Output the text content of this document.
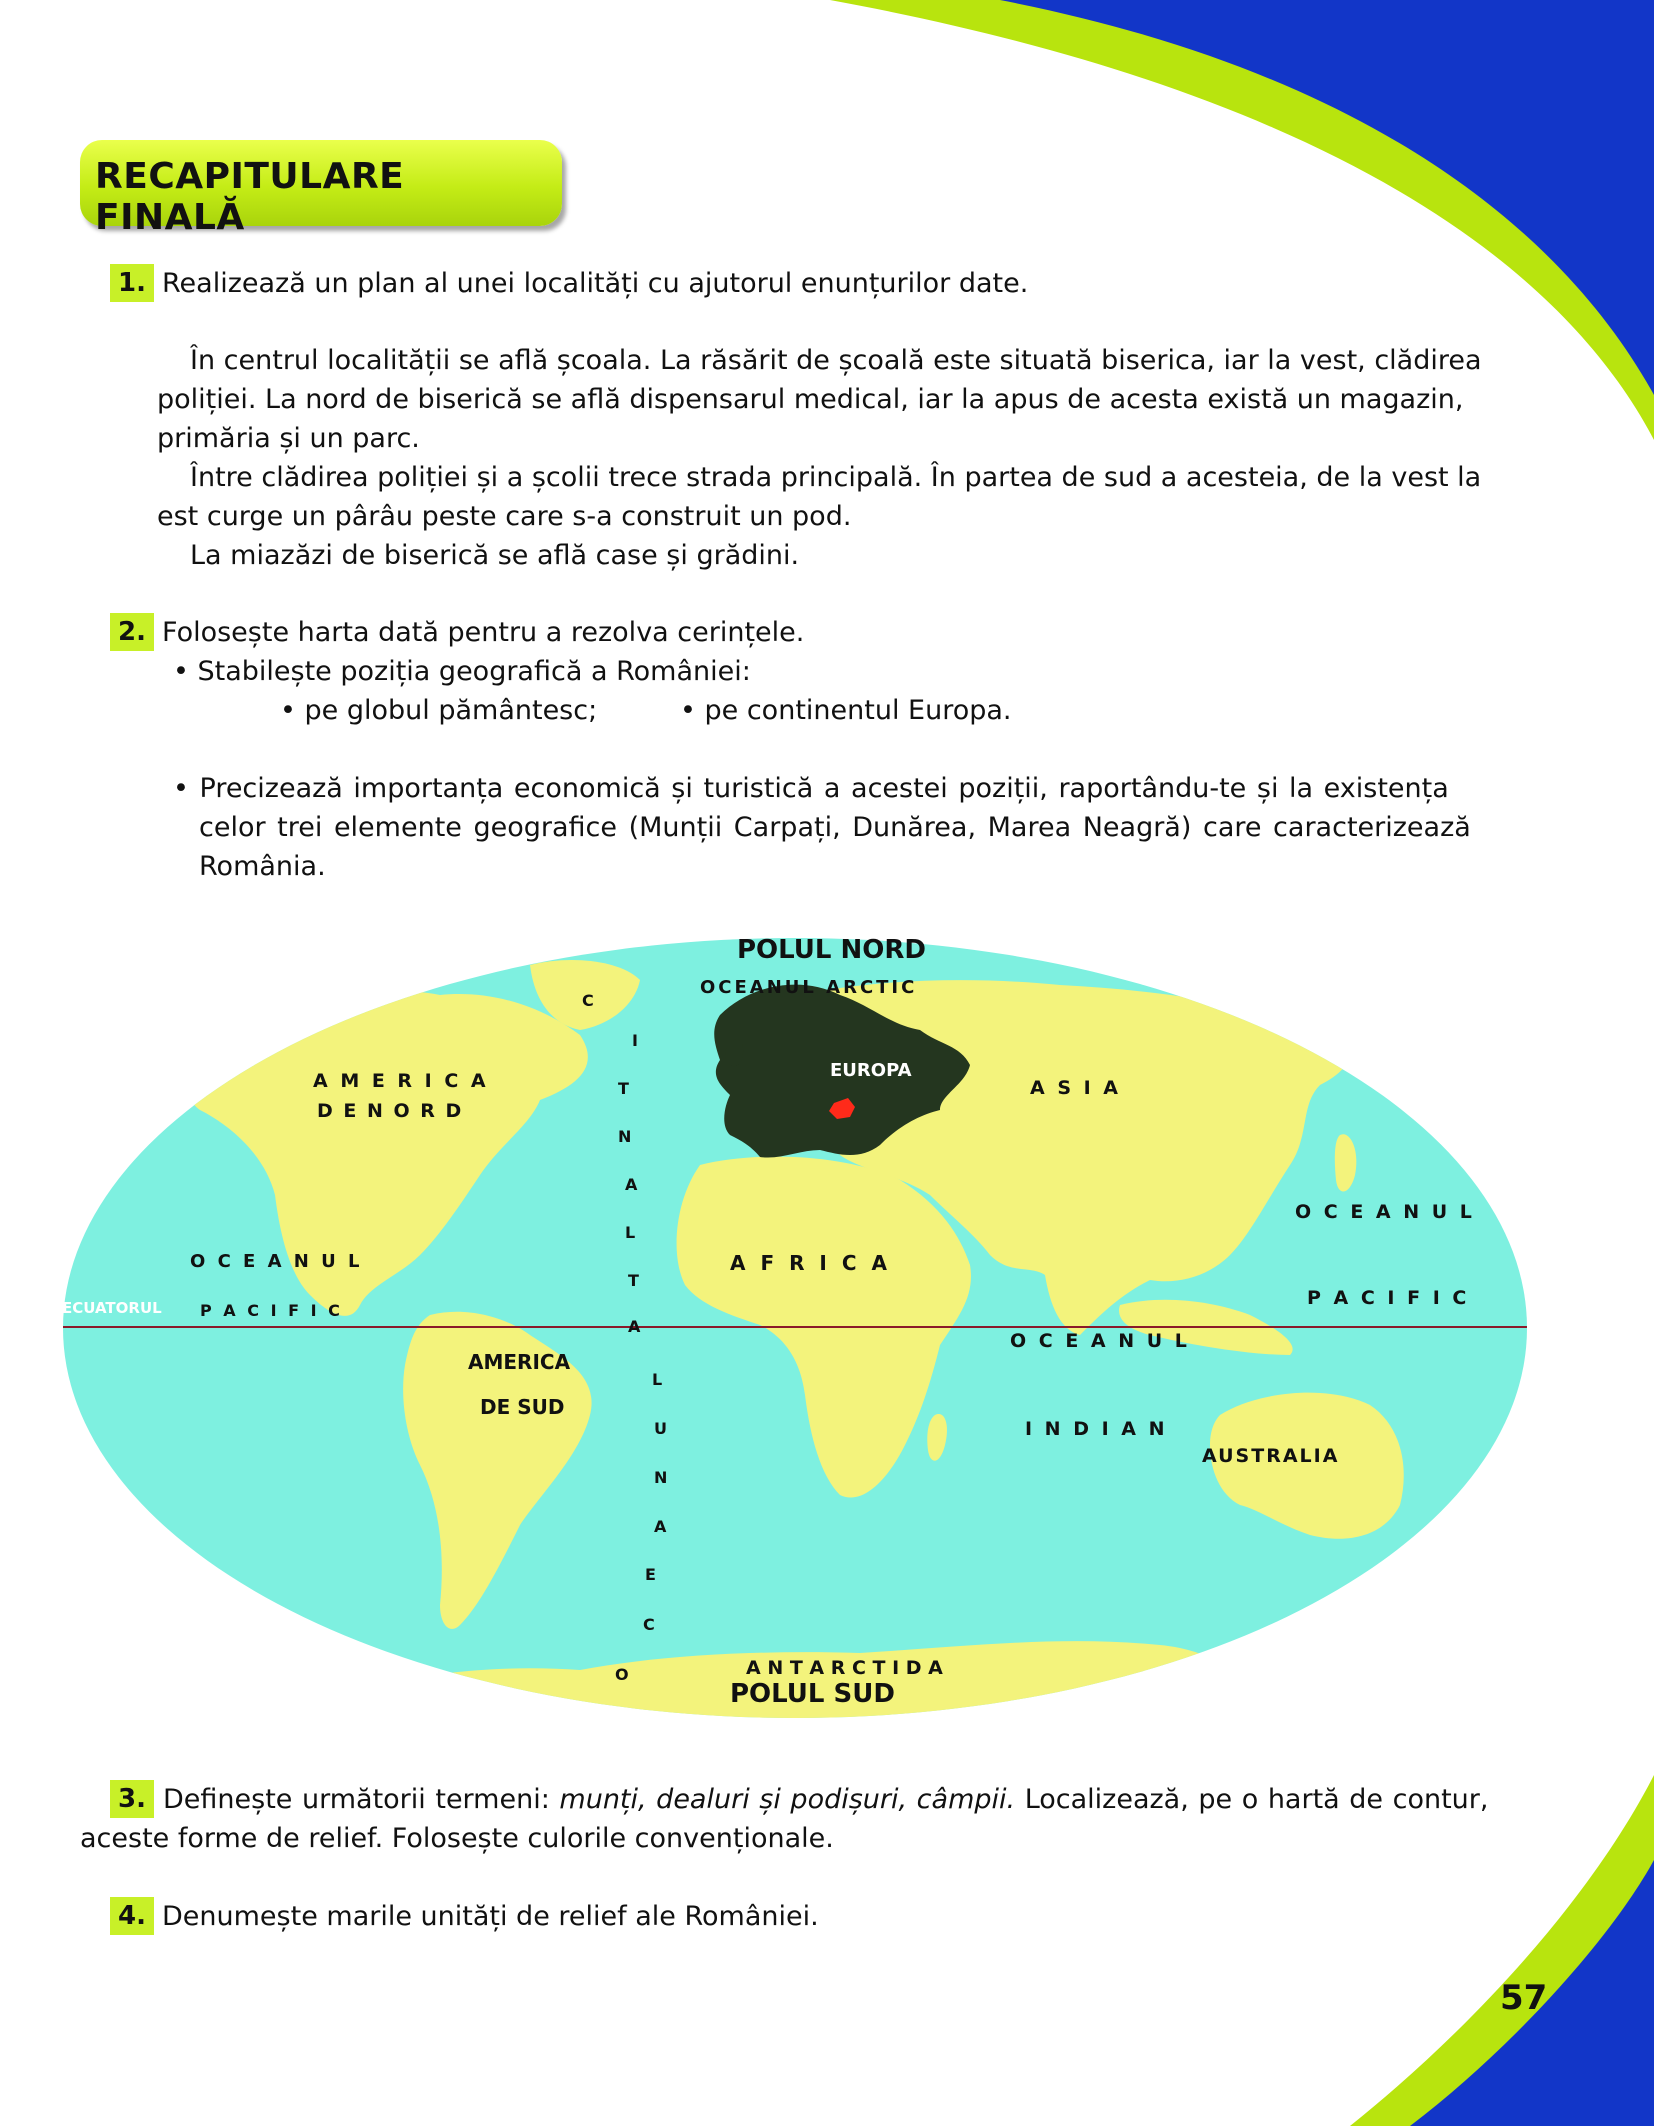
RECAPITULARE FINALĂ
1. Realizează un plan al unei localități cu ajutorul enunțurilor date.
În centrul localității se află școala. La răsărit de școală este situată biserica, iar la vest, clădirea
poliției. La nord de biserică se află dispensarul medical, iar la apus de acesta există un magazin,
primăria și un parc.
Între clădirea poliției și a școlii trece strada principală. În partea de sud a acesteia, de la vest la
est curge un pârâu peste care s-a construit un pod.
La miazăzi de biserică se află case și grădini.
2. Folosește harta dată pentru a rezolva cerințele.
• Stabilește poziția geografică a României:
• pe globul pământesc;	• pe continentul Europa.
• Precizează importanța economică și turistică a acestei poziții, raportându-te și la existența
celor trei elemente geografice (Munții Carpați, Dunărea, Marea Neagră) care caracterizează
România.
POLUL NORD
OCEANUL ARCTIC
EUROPA
A S I A
A M E R I C A
D E N O R D
A F R I C A
O C E A N U L
P A C I F I C
ECUATORUL
O C E A N U L
P A C I F I C
O C E A N U L
I N D I A N
AMERICA
DE SUD
AUSTRALIA
A N T A R C T I D A
POLUL SUD
O
C
E
A
N
U
L
A
T
L
A
N
T
I
C
3. Definește următorii termeni: munți, dealuri și podișuri, câmpii. Localizează, pe o hartă de contur,
aceste forme de relief. Folosește culorile convenționale.
4. Denumește marile unități de relief ale României.
57
